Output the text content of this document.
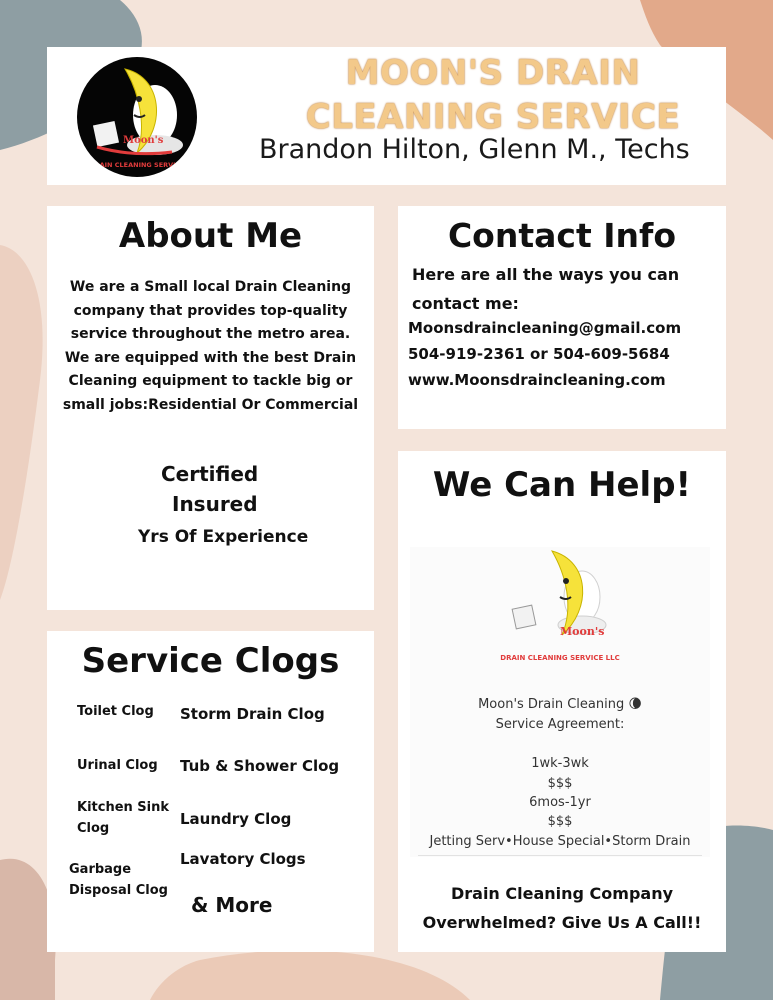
Moon's
DRAIN CLEANING SERVICE
MOON'S DRAIN
CLEANING SERVICE
Brandon Hilton, Glenn M., Techs
About Me
We are a Small local Drain Cleaning company that provides top-quality service throughout the metro area. We are equipped with the best Drain Cleaning equipment to tackle big or small jobs:Residential Or Commercial
Certified
Insured
Yrs Of Experience
Contact Info
Here are all the ways you can contact me:
Moonsdraincleaning@gmail.com
504-919-2361 or 504-609-5684
www.Moonsdraincleaning.com
We Can Help!
Moon's
DRAIN CLEANING SERVICE LLC
Moon's Drain Cleaning 🌘
Service Agreement:
1wk-3wk
$$$
6mos-1yr
$$$
Jetting Serv•House Special•Storm Drain
Drain Cleaning Company Overwhelmed? Give Us A Call!!
Service Clogs
Toilet Clog
Urinal Clog
Kitchen Sink Clog
Garbage Disposal Clog
Storm Drain Clog
Tub & Shower Clog
Laundry Clog
Lavatory Clogs
& More
